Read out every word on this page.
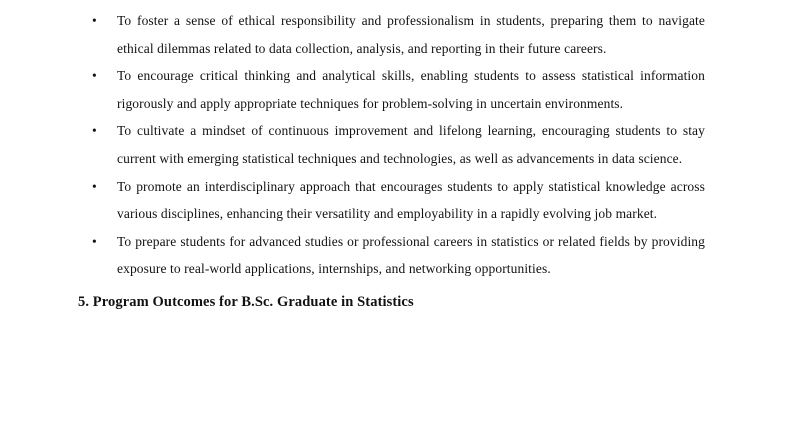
•	To foster a sense of ethical responsibility and professionalism in students, preparing them to navigate ethical dilemmas related to data collection, analysis, and reporting in their future careers.
•	To encourage critical thinking and analytical skills, enabling students to assess statistical information rigorously and apply appropriate techniques for problem-solving in uncertain environments.
•	To cultivate a mindset of continuous improvement and lifelong learning, encouraging students to stay current with emerging statistical techniques and technologies, as well as advancements in data science.
•	To promote an interdisciplinary approach that encourages students to apply statistical knowledge across various disciplines, enhancing their versatility and employability in a rapidly evolving job market.
•	To prepare students for advanced studies or professional careers in statistics or related fields by providing exposure to real-world applications, internships, and networking opportunities.
5. Program Outcomes for B.Sc. Graduate in Statistics
